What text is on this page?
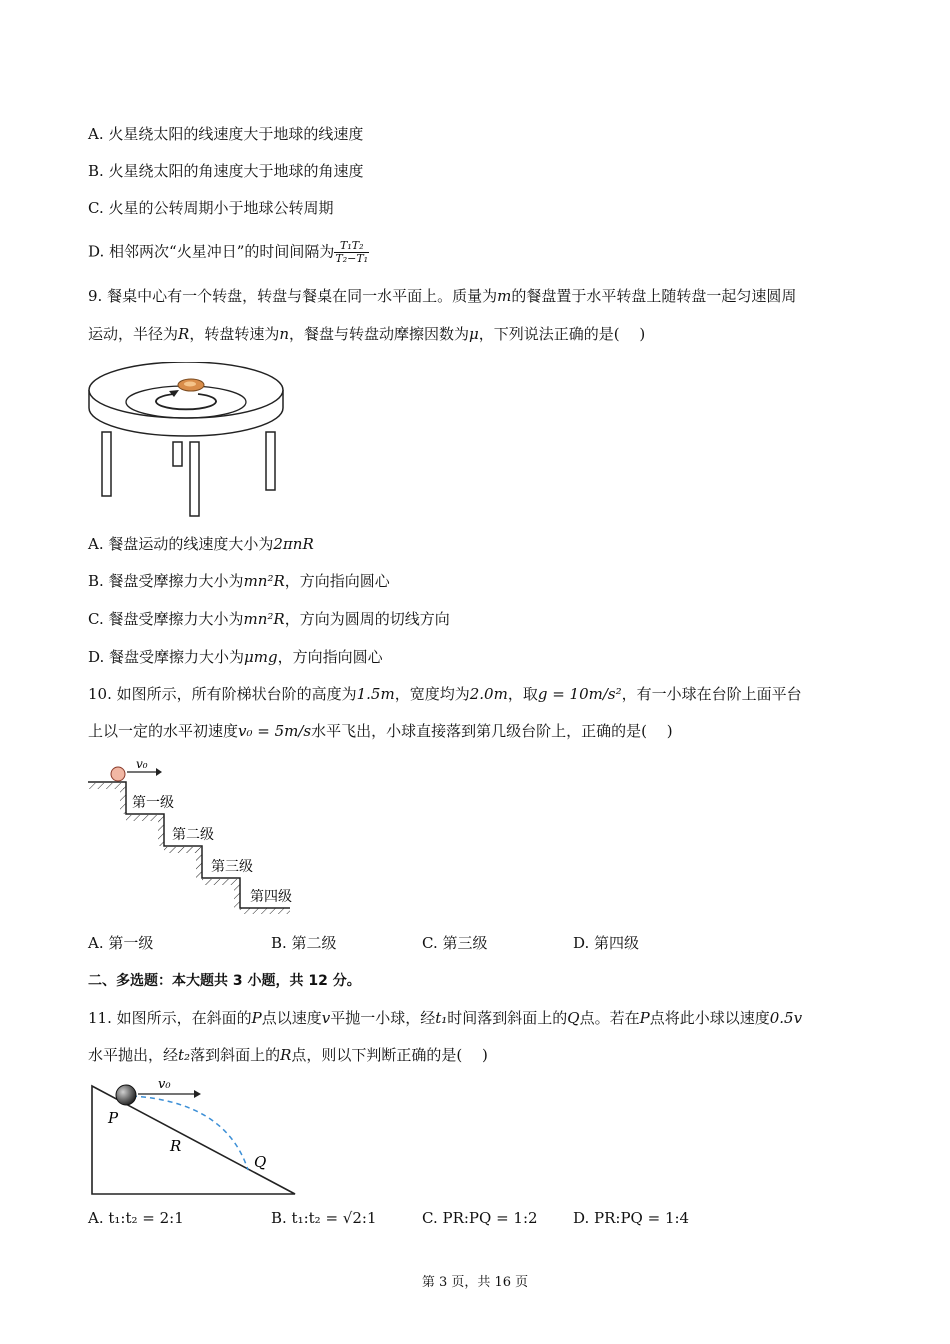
A. 火星绕太阳的线速度大于地球的线速度
B. 火星绕太阳的角速度大于地球的角速度
C. 火星的公转周期小于地球公转周期
D. 相邻两次“火星冲日”的时间间隔为 $\frac{\text{T₁T₂}}{\text{T₂−T₁}}$
9. 餐桌中心有一个转盘，转盘与餐桌在同一水平面上。质量为m的餐盘置于水平转盘上随转盘一起匀速圆周
运动，半径为R，转盘转速为n，餐盘与转盘动摩擦因数为μ，下列说法正确的是(　 )
A. 餐盘运动的线速度大小为2πnR
B. 餐盘受摩擦力大小为mn²R，方向指向圆心
C. 餐盘受摩擦力大小为mn²R，方向为圆周的切线方向
D. 餐盘受摩擦力大小为μmg，方向指向圆心
10. 如图所示，所有阶梯状台阶的高度为1.5m，宽度均为2.0m，取g = 10m/s²，有一小球在台阶上面平台
上以一定的水平初速度v₀ = 5m/s水平飞出，小球直接落到第几级台阶上，正确的是(　 )
v₀
第一级
第二级
第三级
第四级
A. 第一级	B. 第二级	C. 第三级	D. 第四级
二、多选题：本大题共 3 小题，共 12 分。
11. 如图所示，在斜面的P点以速度v平抛一小球，经t₁时间落到斜面上的Q点。若在P点将此小球以速度0.5v
水平抛出，经t₂落到斜面上的R点，则以下判断正确的是(　 )
v₀
P
R
Q
A. t₁:t₂ = 2:1	B. t₁:t₂ = √2:1	C. PR:PQ = 1:2 D. PR:PQ = 1:4
第 3 页，共 16 页
